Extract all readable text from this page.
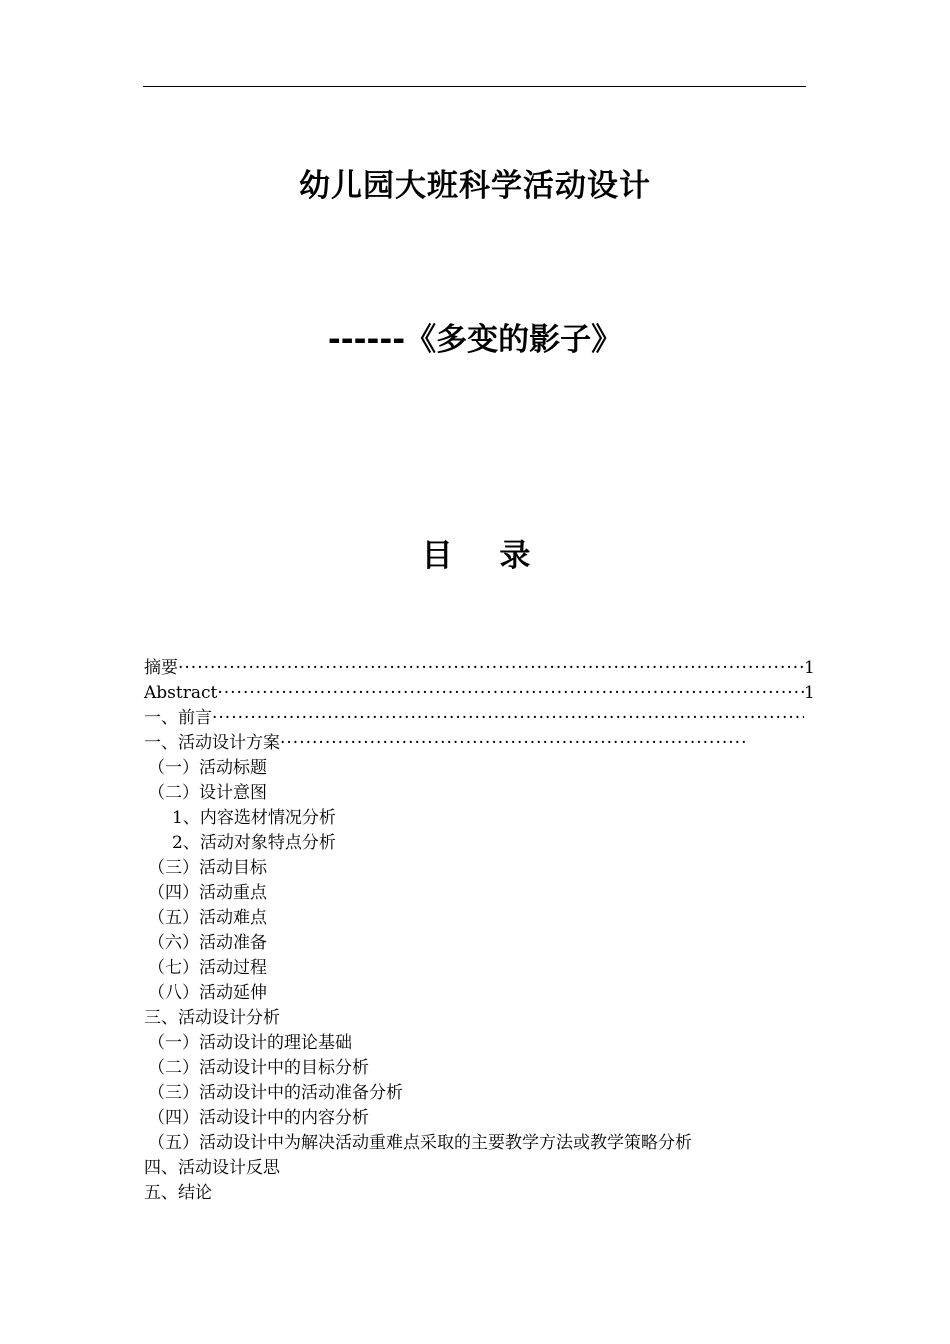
幼儿园大班科学活动设计
------《多变的影子》
目 录
摘要 ·····	1
Abstract ·····	1
一、前言
·····
一、活动设计方案
·····
（一）活动标题
（二）设计意图
1、内容选材情况分析
2、活动对象特点分析
（三）活动目标
（四）活动重点
（五）活动难点
（六）活动准备
（七）活动过程
（八）活动延伸
三、活动设计分析
（一）活动设计的理论基础
（二）活动设计中的目标分析
（三）活动设计中的活动准备分析
（四）活动设计中的内容分析
（五）活动设计中为解决活动重难点采取的主要教学方法或教学策略分析
四、活动设计反思
五、结论
